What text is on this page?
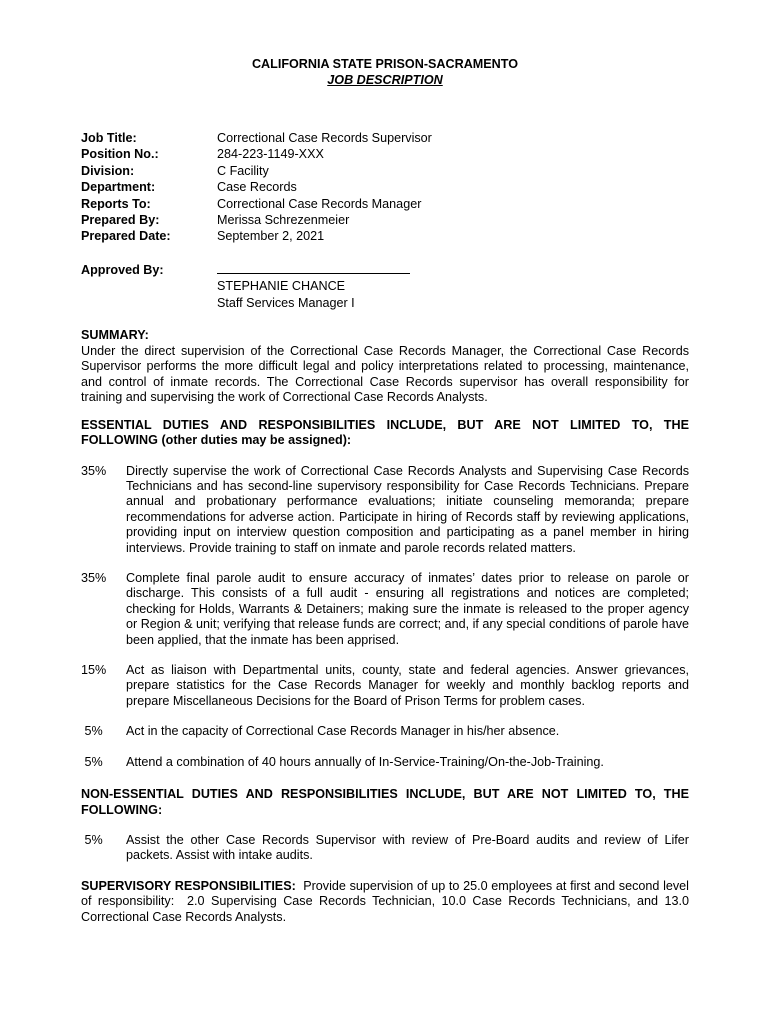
CALIFORNIA STATE PRISON-SACRAMENTO
JOB DESCRIPTION
Job Title:	Correctional Case Records Supervisor
Position No.:	284-223-1149-XXX
Division:	C Facility
Department:	Case Records
Reports To:	Correctional Case Records Manager
Prepared By:	Merissa Schrezenmeier
Prepared Date:	September 2, 2021
Approved By:
STEPHANIE CHANCE
Staff Services Manager I
SUMMARY:
Under the direct supervision of the Correctional Case Records Manager, the Correctional Case Records Supervisor performs the more difficult legal and policy interpretations related to processing, maintenance, and control of inmate records. The Correctional Case Records supervisor has overall responsibility for training and supervising the work of Correctional Case Records Analysts.
ESSENTIAL DUTIES AND RESPONSIBILITIES INCLUDE, BUT ARE NOT LIMITED TO, THE FOLLOWING (other duties may be assigned):
35%	Directly supervise the work of Correctional Case Records Analysts and Supervising Case Records Technicians and has second-line supervisory responsibility for Case Records Technicians. Prepare annual and probationary performance evaluations; initiate counseling memoranda; prepare recommendations for adverse action. Participate in hiring of Records staff by reviewing applications, providing input on interview question composition and participating as a panel member in hiring interviews. Provide training to staff on inmate and parole records related matters.
35%	Complete final parole audit to ensure accuracy of inmates’ dates prior to release on parole or discharge. This consists of a full audit - ensuring all registrations and notices are completed; checking for Holds, Warrants & Detainers; making sure the inmate is released to the proper agency or Region & unit; verifying that release funds are correct; and, if any special conditions of parole have been applied, that the inmate has been apprised.
15%	Act as liaison with Departmental units, county, state and federal agencies. Answer grievances, prepare statistics for the Case Records Manager for weekly and monthly backlog reports and prepare Miscellaneous Decisions for the Board of Prison Terms for problem cases.
5%	Act in the capacity of Correctional Case Records Manager in his/her absence.
5%	Attend a combination of 40 hours annually of In-Service-Training/On-the-Job-Training.
NON-ESSENTIAL DUTIES AND RESPONSIBILITIES INCLUDE, BUT ARE NOT LIMITED TO, THE FOLLOWING:
5%	Assist the other Case Records Supervisor with review of Pre-Board audits and review of Lifer packets. Assist with intake audits.
SUPERVISORY RESPONSIBILITIES:  Provide supervision of up to 25.0 employees at first and second level of responsibility:  2.0 Supervising Case Records Technician, 10.0 Case Records Technicians, and 13.0 Correctional Case Records Analysts.
